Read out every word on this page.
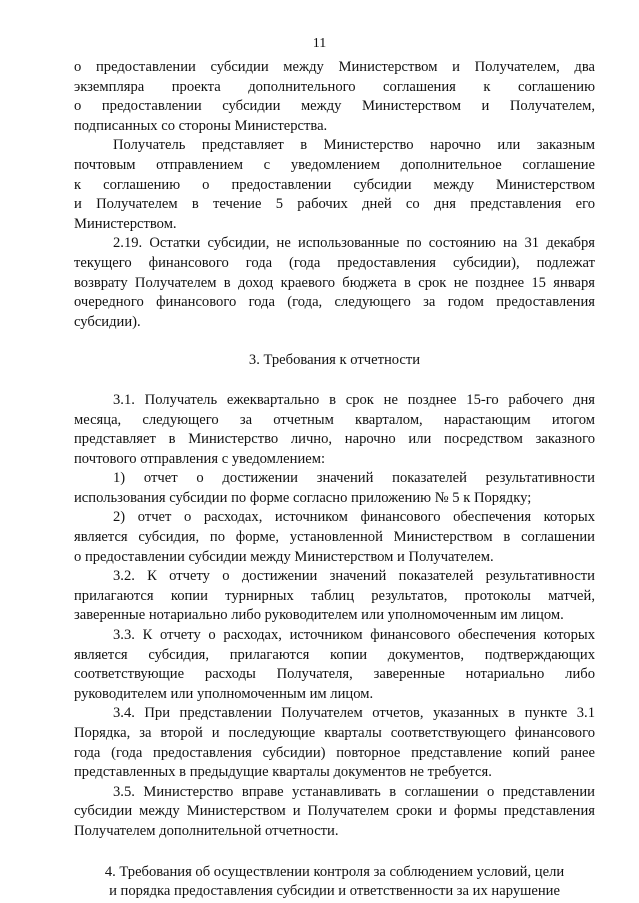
11
о предоставлении субсидии между Министерством и Получателем, два
экземпляра проекта дополнительного соглашения к соглашению
о предоставлении субсидии между Министерством и Получателем,
подписанных со стороны Министерства.
Получатель представляет в Министерство нарочно или заказным
почтовым отправлением с уведомлением дополнительное соглашение
к соглашению о предоставлении субсидии между Министерством
и Получателем в течение 5 рабочих дней со дня представления его
Министерством.
2.19. Остатки субсидии, не использованные по состоянию на 31 декабря
текущего финансового года (года предоставления субсидии), подлежат
возврату Получателем в доход краевого бюджета в срок не позднее 15 января
очередного финансового года (года, следующего за годом предоставления
субсидии).
3. Требования к отчетности
3.1. Получатель ежеквартально в срок не позднее 15-го рабочего дня
месяца, следующего за отчетным кварталом, нарастающим итогом
представляет в Министерство лично, нарочно или посредством заказного
почтового отправления с уведомлением:
1) отчет о достижении значений показателей результативности
использования субсидии по форме согласно приложению № 5 к Порядку;
2) отчет о расходах, источником финансового обеспечения которых
является субсидия, по форме, установленной Министерством в соглашении
о предоставлении субсидии между Министерством и Получателем.
3.2. К отчету о достижении значений показателей результативности
прилагаются копии турнирных таблиц результатов, протоколы матчей,
заверенные нотариально либо руководителем или уполномоченным им лицом.
3.3. К отчету о расходах, источником финансового обеспечения которых
является субсидия, прилагаются копии документов, подтверждающих
соответствующие расходы Получателя, заверенные нотариально либо
руководителем или уполномоченным им лицом.
3.4. При представлении Получателем отчетов, указанных в пункте 3.1
Порядка, за второй и последующие кварталы соответствующего финансового
года (года предоставления субсидии) повторное представление копий ранее
представленных в предыдущие кварталы документов не требуется.
3.5. Министерство вправе устанавливать в соглашении о представлении
субсидии между Министерством и Получателем сроки и формы представления
Получателем дополнительной отчетности.
4. Требования об осуществлении контроля за соблюдением условий, цели
и порядка предоставления субсидии и ответственности за их нарушение
